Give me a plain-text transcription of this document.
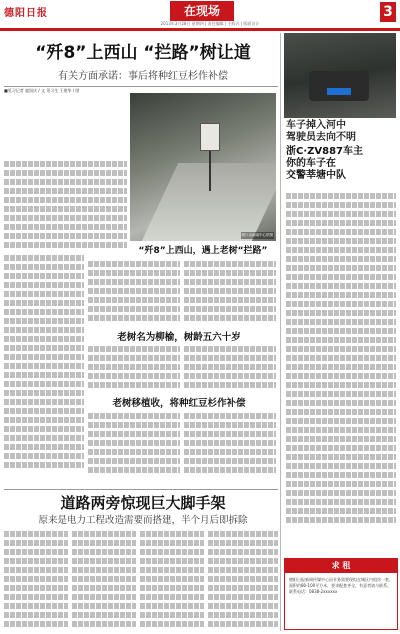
德阳日报	在现场
2013年3月28日 星期四 | 责任编辑 | 主版式 | 版面设计
3
“歼8”上西山 “拦路”树让道
有关方面承诺：事后将种红豆杉作补偿
■见习记者 童国庆 / 文 见习生 王建华 / 图
图片由新闻中心供图
“歼8”上西山，遇上老树“拦路”
老树名为柳榆，树龄五六十岁
老树移植收，将种红豆杉作补偿
道路两旁惊现巨大脚手架
原来是电力工程改造需要而搭建，半个月后即拆除
车子掉入河中
驾驶员去向不明
浙C·ZV887车主
你的车子在
交警莘塘中队
求 租
德阳日报新闻传媒中心因业务需要现拟在城区内租房一套，面积约80-100平方米，要求配套齐全，有意者请与联系。联系电话：0838-2xxxxxx
